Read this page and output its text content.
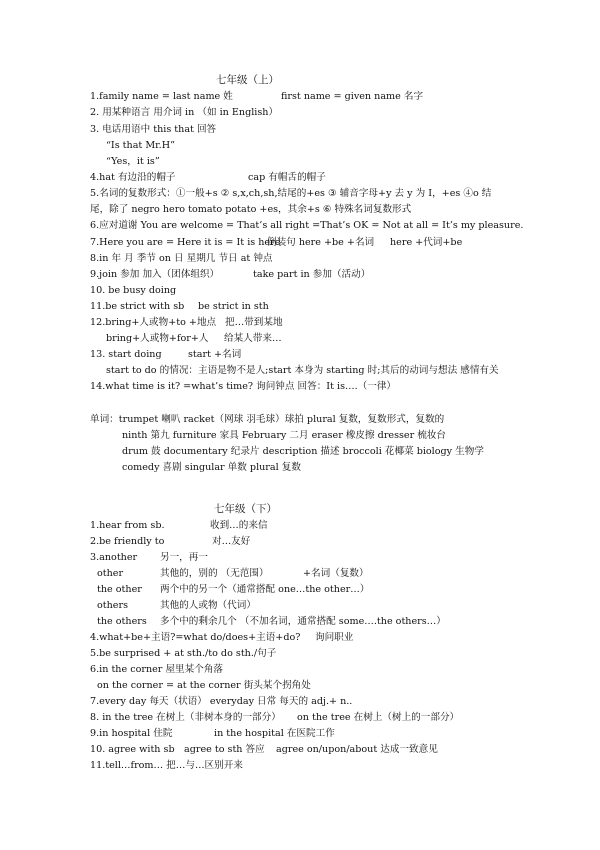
七年级（上）
1.family name = last name 姓	first name = given name 名字
2. 用某种语言 用介词 in （如 in English）
3. 电话用语中 this that 回答
“Is that Mr.H”
“Yes，it is”
4.hat 有边沿的帽子	cap 有帽舌的帽子
5.名词的复数形式：①一般+s ② s,x,ch,sh,结尾的+es ③ 辅音字母+y 去 y 为 I，+es ④o 结
尾，除了 negro hero tomato potato +es，其余+s ⑥ 特殊名词复数形式
6.应对道谢 You are welcome = That’s all right =That’s OK = Not at all = It’s my pleasure.
7.Here you are = Here it is = It is here
倒装句 here +be +名词 here +代词+be
8.in 年 月 季节 on 日 星期几 节日 at 钟点
9.join 参加 加入（团体组织）	take part in 参加（活动）
10. be busy doing
11.be strict with sb be strict in sth
12.bring+人或物+to +地点 把…带到某地
bring+人或物+for+人 给某人带来…
13. start doing	start +名词
start to do 的情况：主语是物不是人;start 本身为 starting 时;其后的动词与想法 感情有关
14.what time is it? =what’s time? 询问钟点 回答：It is….（一律）
单词：trumpet 喇叭 racket（网球 羽毛球）球拍 plural 复数，复数形式，复数的
ninth 第九 furniture 家具 February 二月 eraser 橡皮擦 dresser 梳妆台
drum 鼓 documentary 纪录片 description 描述 broccoli 花椰菜 biology 生物学
comedy 喜剧 singular 单数 plural 复数
七年级（下）
1.hear from sb.	收到…的来信
2.be friendly to	对…友好
3.another 另一，再一
other	其他的，别的 （无范围）	+名词（复数）
the other 两个中的另一个（通常搭配 one…the other…）
others	其他的人或物（代词）
the others 多个中的剩余几个 （不加名词，通常搭配 some….the others…）
4.what+be+主语?=what do/does+主语+do? 询问职业
5.be surprised + at sth./to do sth./句子
6.in the corner 屋里某个角落
on the corner = at the corner 街头某个拐角处
7.every day 每天（状语） everyday 日常 每天的 adj.+ n..
8. in the tree 在树上（非树本身的一部分） on the tree 在树上（树上的一部分）
9.in hospital 住院	in the hospital 在医院工作
10. agree with sb agree to sth 答应 agree on/upon/about 达成一致意见
11.tell…from… 把…与…区别开来
